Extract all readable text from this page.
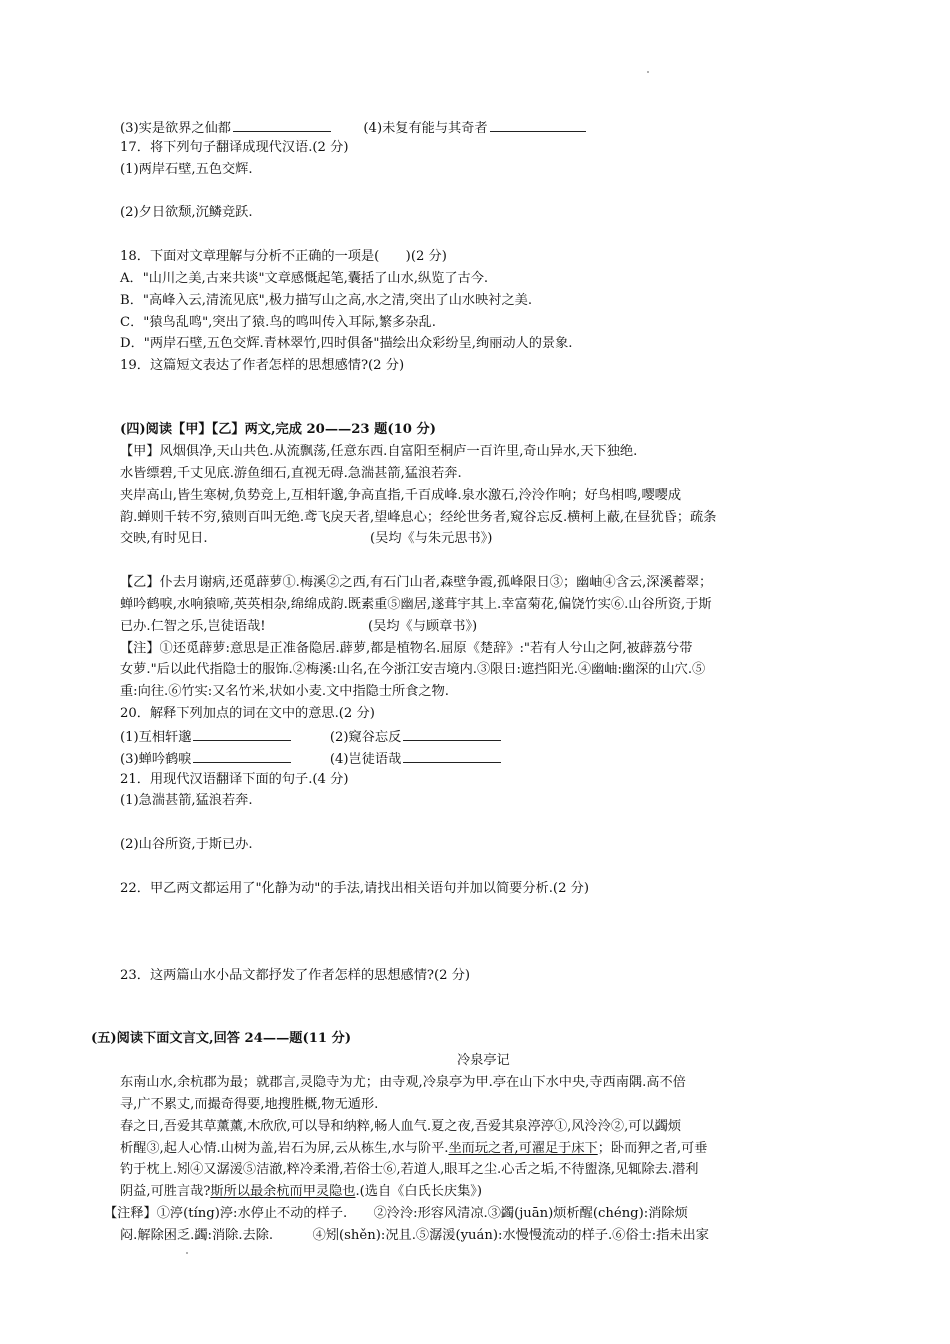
(3)实是欲界之仙都	(4)未复有能与其奇者
17．将下列句子翻译成现代汉语.(2 分)
(1)两岸石壁,五色交辉.
(2)夕日欲颓,沉鳞竞跃.
18．下面对文章理解与分析不正确的一项是(　　)(2 分)
A．"山川之美,古来共谈"文章感慨起笔,囊括了山水,纵览了古今.
B．"高峰入云,清流见底",极力描写山之高,水之清,突出了山水映衬之美.
C．"猿鸟乱鸣",突出了猿.鸟的鸣叫传入耳际,繁多杂乱.
D．"两岸石壁,五色交辉.青林翠竹,四时俱备"描绘出众彩纷呈,绚丽动人的景象.
19．这篇短文表达了作者怎样的思想感情?(2 分)
(四)阅读【甲】【乙】两文,完成 20——23 题(10 分)
【甲】风烟俱净,天山共色.从流飘荡,任意东西.自富阳至桐庐一百许里,奇山异水,天下独绝.
水皆缥碧,千丈见底.游鱼细石,直视无碍.急湍甚箭,猛浪若奔.
夹岸高山,皆生寒树,负势竞上,互相轩邈,争高直指,千百成峰.泉水激石,泠泠作响；好鸟相鸣,嘤嘤成
韵.蝉则千转不穷,猿则百叫无绝.鸢飞戾天者,望峰息心；经纶世务者,窥谷忘反.横柯上蔽,在昼犹昏；疏条
交映,有时见日.	(吴均《与朱元思书》)
【乙】仆去月谢病,还觅薜萝①.梅溪②之西,有石门山者,森壁争霞,孤峰限日③；幽岫④含云,深溪蓄翠；
蝉吟鹤唳,水响猿啼,英英相杂,绵绵成韵.既素重⑤幽居,遂葺宇其上.幸富菊花,偏饶竹实⑥.山谷所资,于斯
已办.仁智之乐,岂徒语哉!	(吴均《与顾章书》)
【注】①还觅薜萝:意思是正准备隐居.薜萝,都是植物名.屈原《楚辞》:"若有人兮山之阿,被薜荔兮带
女萝."后以此代指隐士的服饰.②梅溪:山名,在今浙江安吉境内.③限日:遮挡阳光.④幽岫:幽深的山穴.⑤
重:向往.⑥竹实:又名竹米,状如小麦.文中指隐士所食之物.
20．解释下列加点的词在文中的意思.(2 分)
(1)互相轩邈	(2)窥谷忘反
(3)蝉吟鹤唳	(4)岂徒语哉
21．用现代汉语翻译下面的句子.(4 分)
(1)急湍甚箭,猛浪若奔.
(2)山谷所资,于斯已办.
22．甲乙两文都运用了"化静为动"的手法,请找出相关语句并加以简要分析.(2 分)
23．这两篇山水小品文都抒发了作者怎样的思想感情?(2 分)
(五)阅读下面文言文,回答 24——题(11 分)
冷泉亭记
东南山水,余杭郡为最；就郡言,灵隐寺为尤；由寺观,冷泉亭为甲.亭在山下水中央,寺西南隅.高不倍
寻,广不累丈,而撮奇得要,地搜胜概,物无遁形.
春之日,吾爱其草薰薰,木欣欣,可以导和纳粹,畅人血气.夏之夜,吾爱其泉渟渟①,风泠泠②,可以蠲烦
析醒③,起人心情.山树为盖,岩石为屏,云从栋生,水与阶平.坐而玩之者,可濯足于床下；卧而狎之者,可垂
钓于枕上.矧④又潺湲⑤洁澈,粹冷柔滑,若俗士⑥,若道人,眼耳之尘.心舌之垢,不待盥涤,见辄除去.潜利
阴益,可胜言哉?斯所以最余杭而甲灵隐也.(选自《白氏长庆集》)
【注释】①渟(tíng)渟:水停止不动的样子.　　②泠泠:形容风清凉.③蠲(juān)烦析醒(chéng):消除烦
闷.解除困乏.蠲:消除.去除.　　　④矧(shěn):况且.⑤潺湲(yuán):水慢慢流动的样子.⑥俗士:指未出家
